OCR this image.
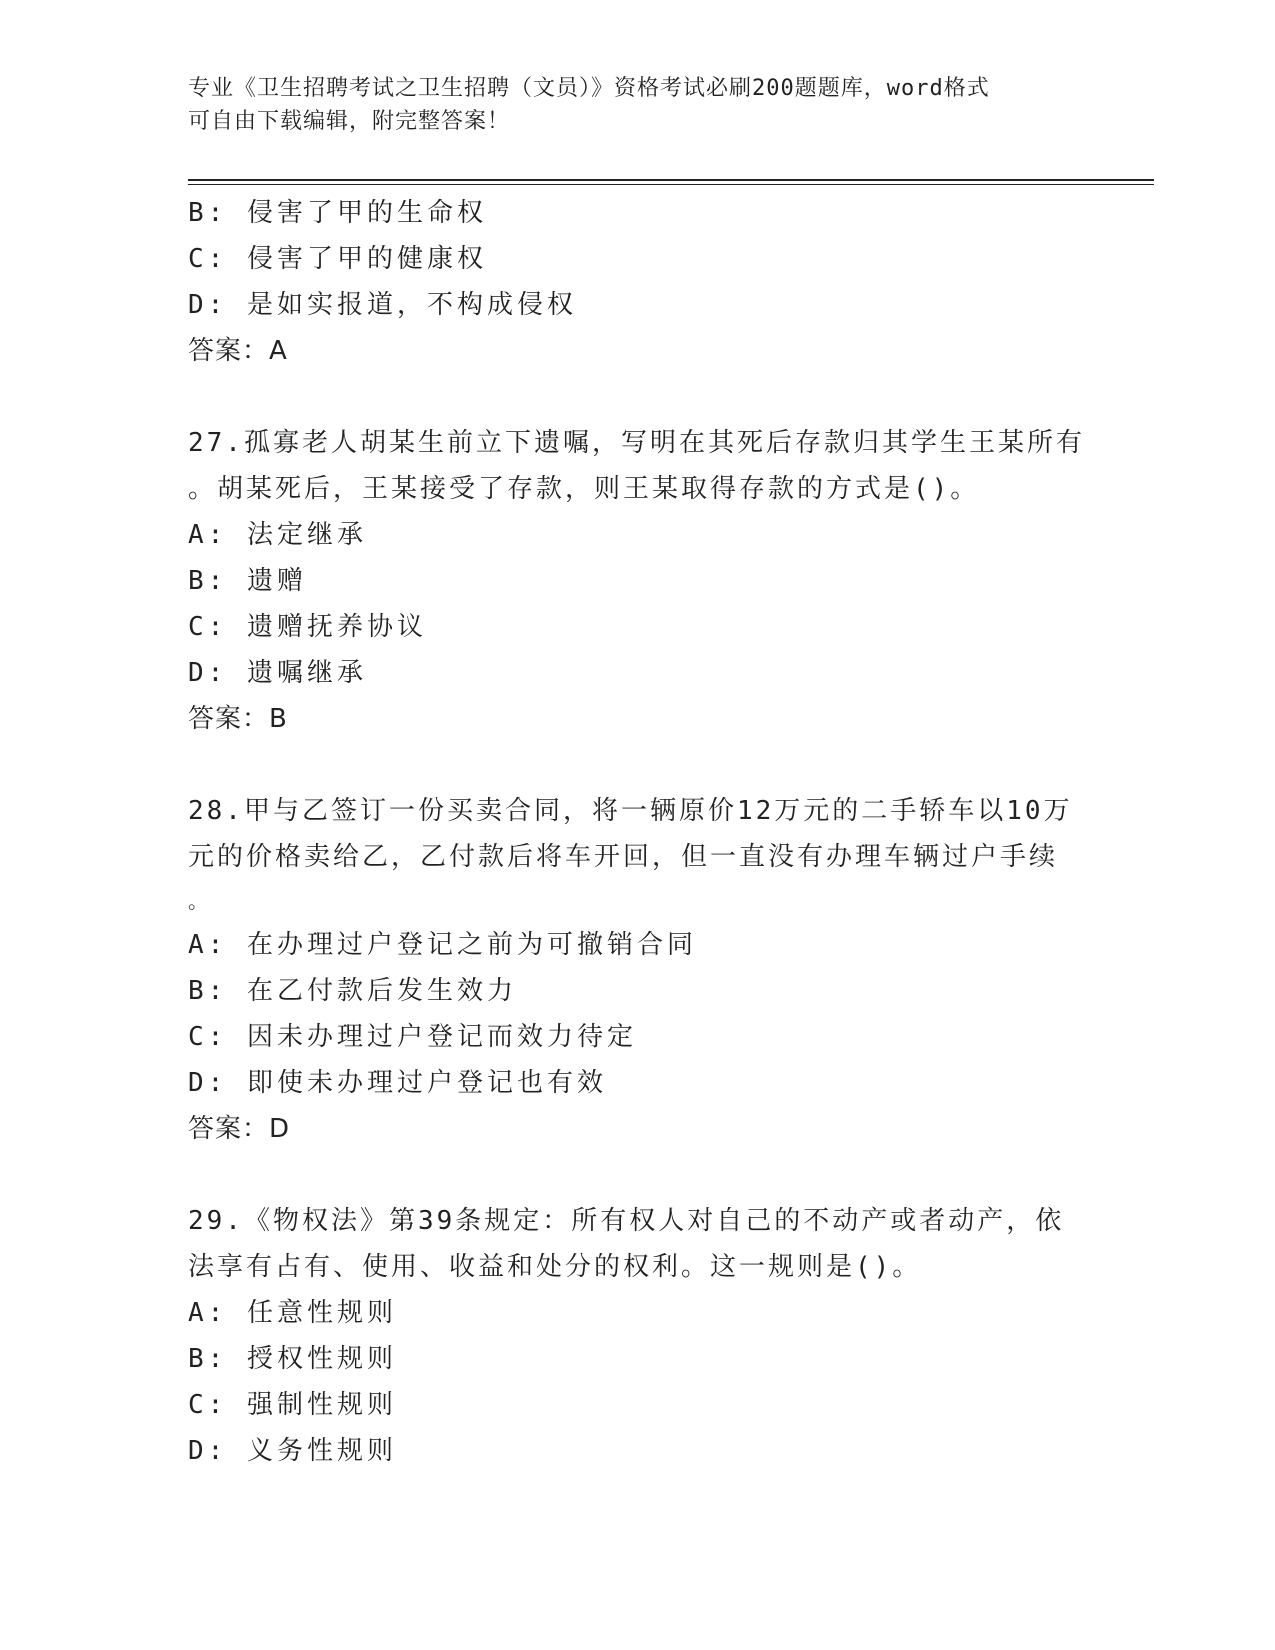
专业《卫生招聘考试之卫生招聘（文员）》资格考试必刷200题题库，word格式
可自由下载编辑，附完整答案！
B: 侵害了甲的生命权
C: 侵害了甲的健康权
D: 是如实报道，不构成侵权
答案：A
27.孤寡老人胡某生前立下遗嘱，写明在其死后存款归其学生王某所有
。胡某死后，王某接受了存款，则王某取得存款的方式是()。
A: 法定继承
B: 遗赠
C: 遗赠抚养协议
D: 遗嘱继承
答案：B
28.甲与乙签订一份买卖合同，将一辆原价12万元的二手轿车以10万
元的价格卖给乙，乙付款后将车开回，但一直没有办理车辆过户手续
。
A: 在办理过户登记之前为可撤销合同
B: 在乙付款后发生效力
C: 因未办理过户登记而效力待定
D: 即使未办理过户登记也有效
答案：D
29.《物权法》第39条规定：所有权人对自己的不动产或者动产，依
法享有占有、使用、收益和处分的权利。这一规则是()。
A: 任意性规则
B: 授权性规则
C: 强制性规则
D: 义务性规则
